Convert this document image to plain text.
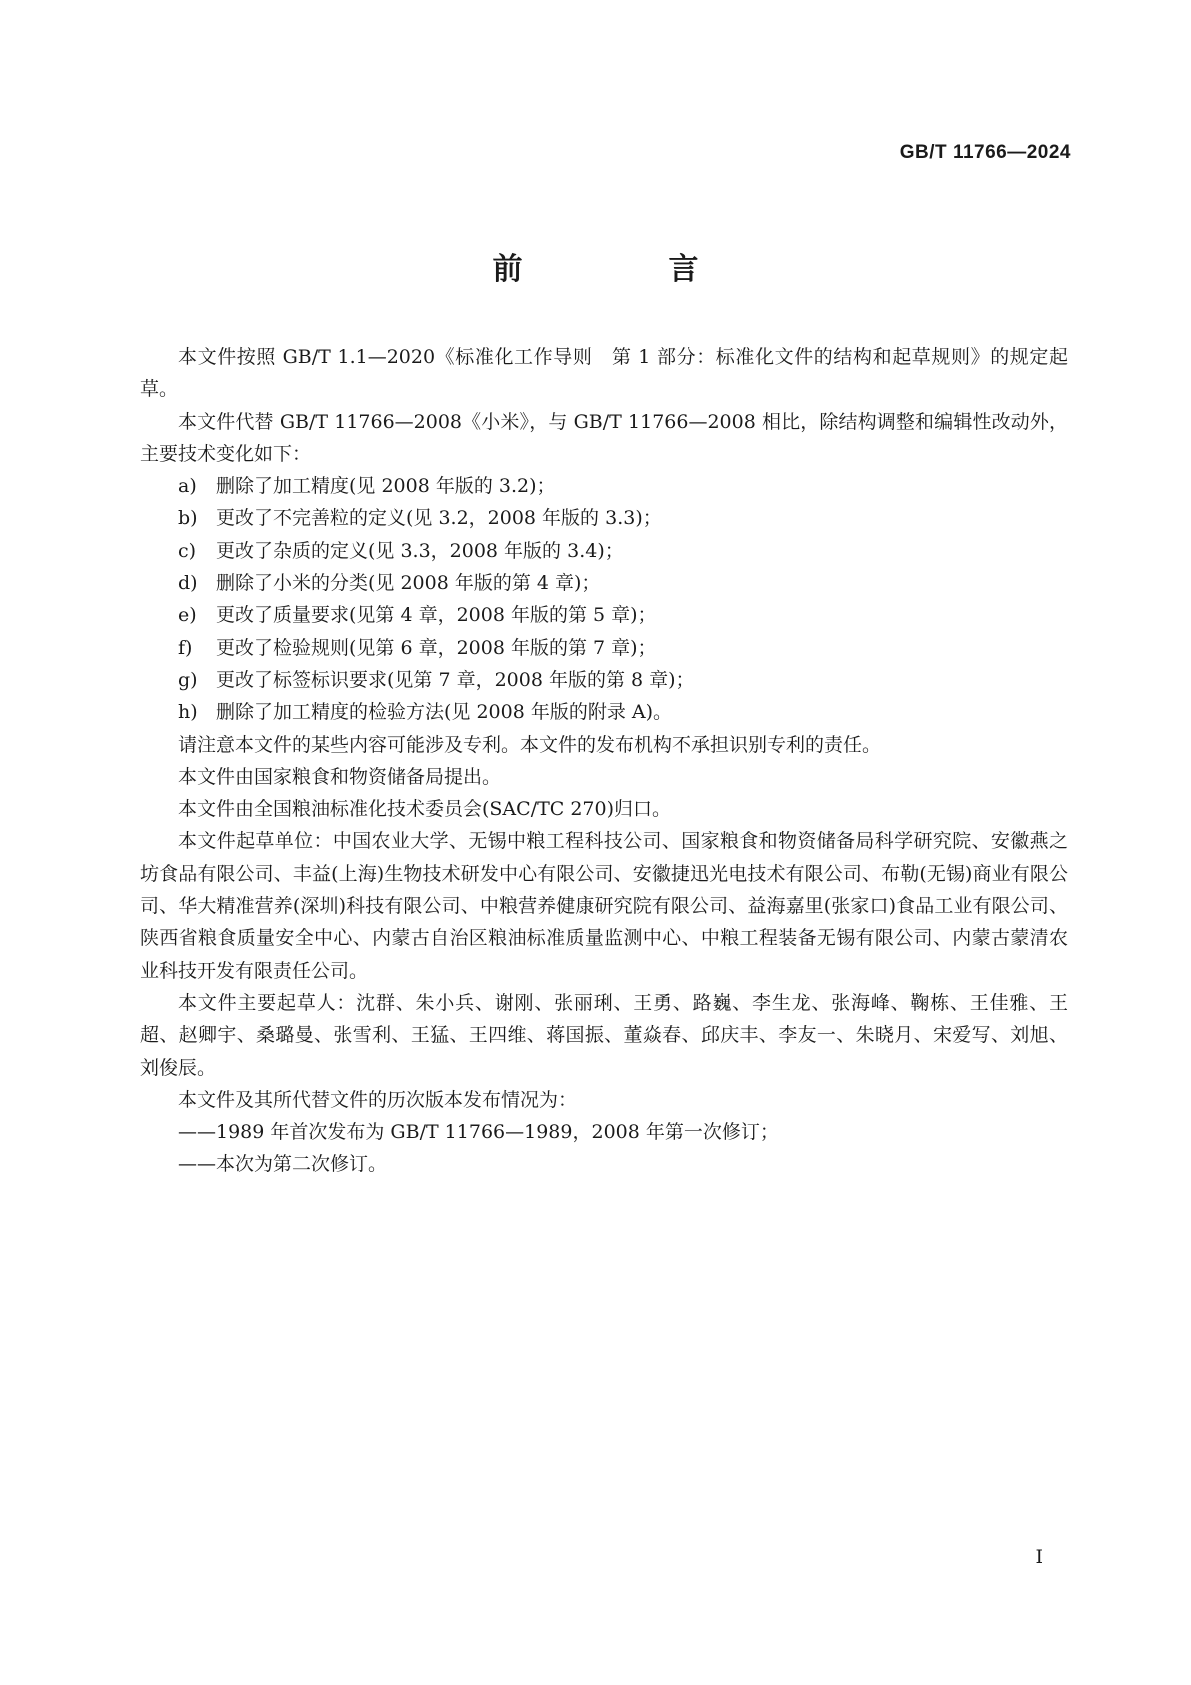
GB/T 11766—2024
前　言

本文件按照 GB/T 1.1—2020《标准化工作导则　第 1 部分：标准化文件的结构和起草规则》的规定起草。

本文件代替 GB/T 11766—2008《小米》，与 GB/T 11766—2008 相比，除结构调整和编辑性改动外，主要技术变化如下：

a)	删除了加工精度(见 2008 年版的 3.2)；
b) 更改了不完善粒的定义(见 3.2，2008 年版的 3.3)；
c)	更改了杂质的定义(见 3.3，2008 年版的 3.4)；
d) 删除了小米的分类(见 2008 年版的第 4 章)；
e)	更改了质量要求(见第 4 章，2008 年版的第 5 章)；
f)	更改了检验规则(见第 6 章，2008 年版的第 7 章)；
g) 更改了标签标识要求(见第 7 章，2008 年版的第 8 章)；
h) 删除了加工精度的检验方法(见 2008 年版的附录 A)。

请注意本文件的某些内容可能涉及专利。本文件的发布机构不承担识别专利的责任。

本文件由国家粮食和物资储备局提出。

本文件由全国粮油标准化技术委员会(SAC/TC 270)归口。

本文件起草单位：中国农业大学、无锡中粮工程科技公司、国家粮食和物资储备局科学研究院、安徽燕之坊食品有限公司、丰益(上海)生物技术研发中心有限公司、安徽捷迅光电技术有限公司、布勒(无锡)商业有限公司、华大精准营养(深圳)科技有限公司、中粮营养健康研究院有限公司、益海嘉里(张家口)食品工业有限公司、陕西省粮食质量安全中心、内蒙古自治区粮油标准质量监测中心、中粮工程装备无锡有限公司、内蒙古蒙清农业科技开发有限责任公司。

本文件主要起草人：沈群、朱小兵、谢刚、张丽琍、王勇、路巍、李生龙、张海峰、鞠栋、王佳雅、王超、赵卿宇、桑璐曼、张雪利、王猛、王四维、蒋国振、董焱春、邱庆丰、李友一、朱晓月、宋爱写、刘旭、刘俊辰。

本文件及其所代替文件的历次版本发布情况为：

——1989 年首次发布为 GB/T 11766—1989，2008 年第一次修订；

——本次为第二次修订。

Ⅰ
